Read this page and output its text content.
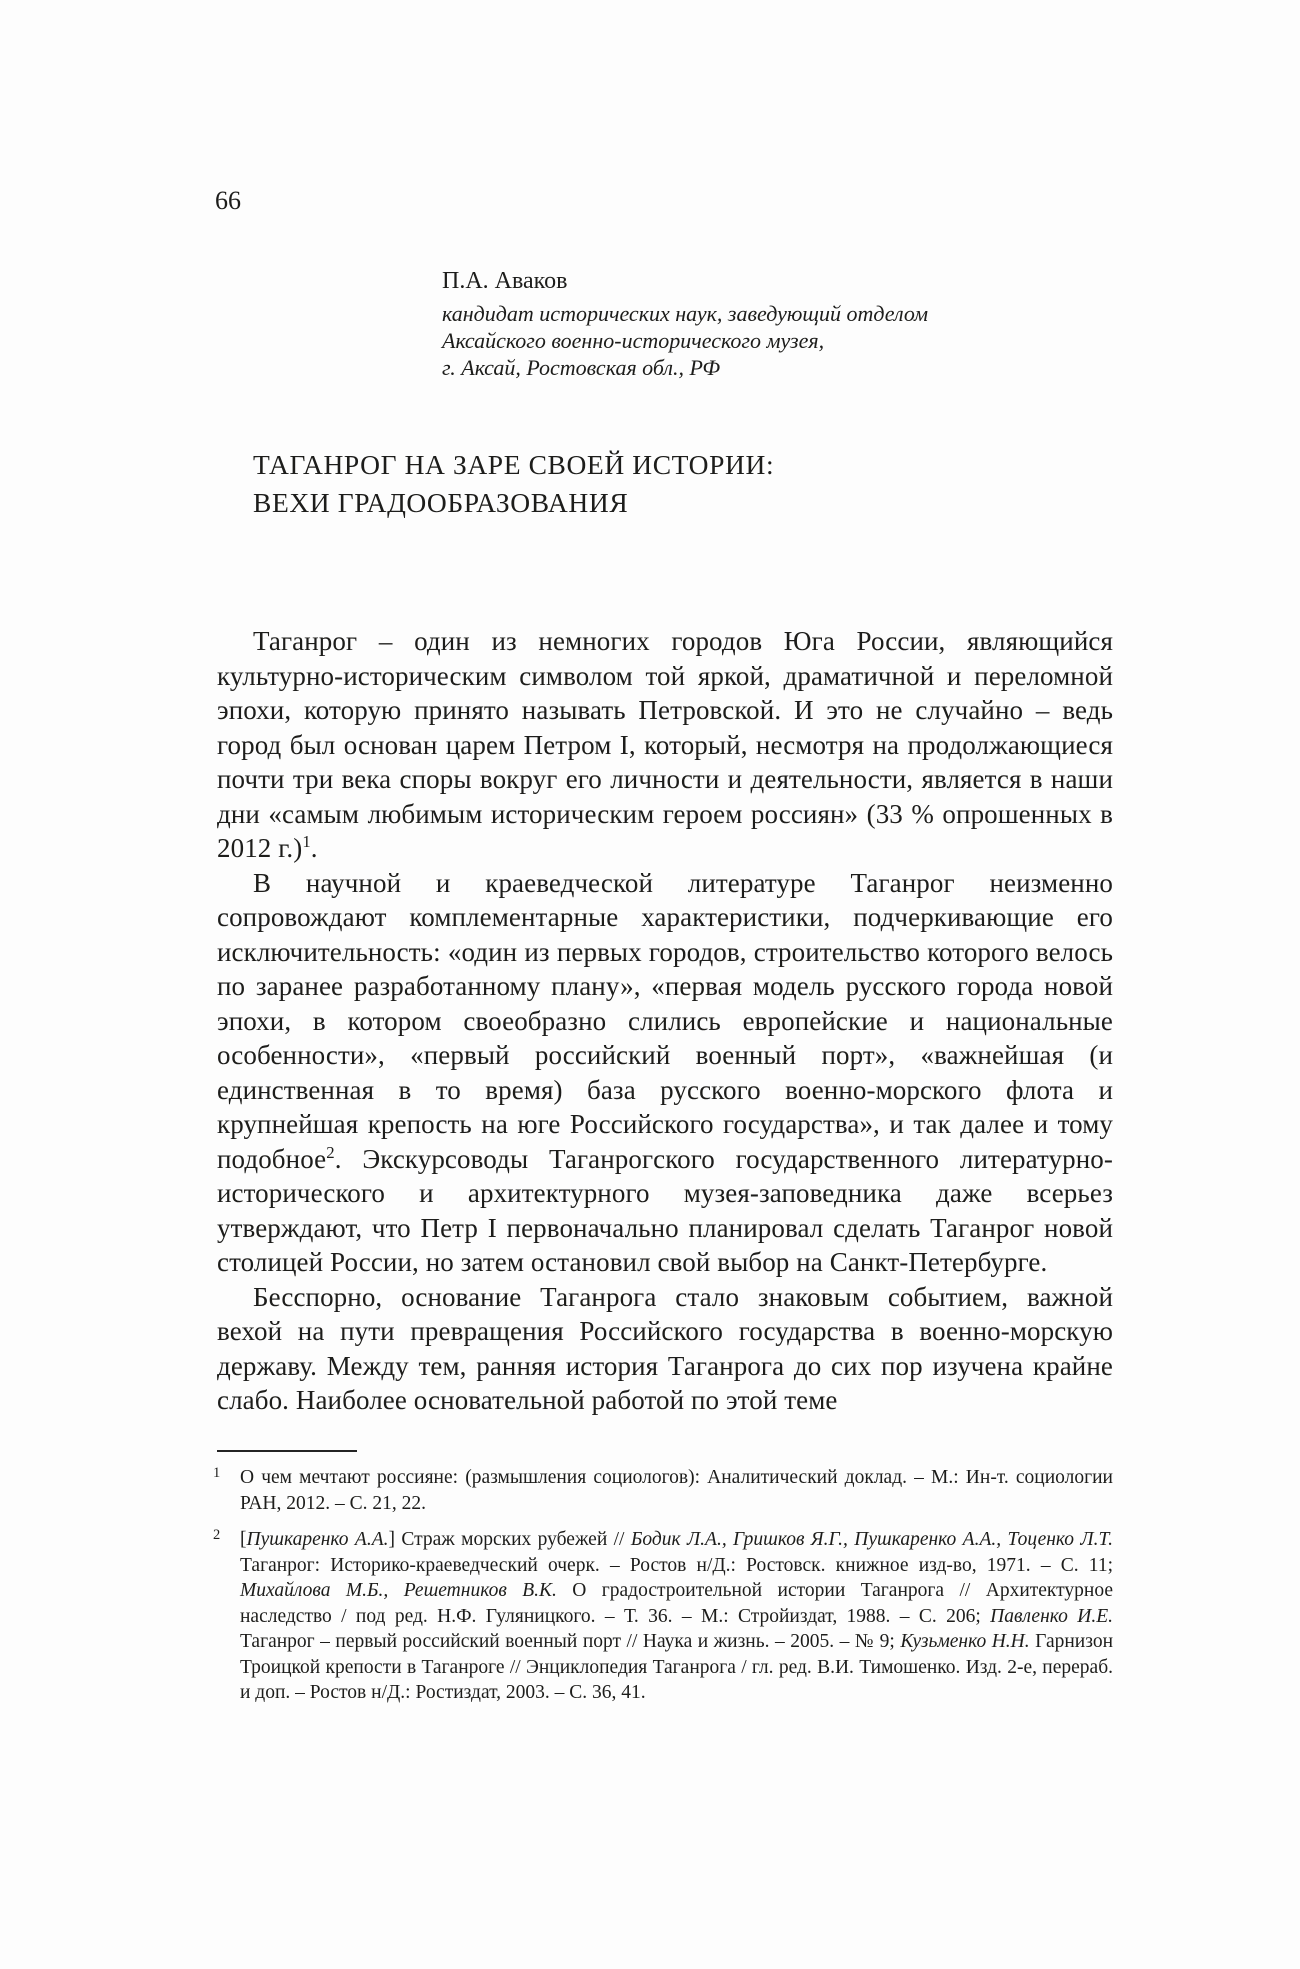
66
П.А. Аваков
кандидат исторических наук, заведующий отделом
Аксайского военно-исторического музея,
г. Аксай, Ростовская обл., РФ
ТАГАНРОГ НА ЗАРЕ СВОЕЙ ИСТОРИИ:
ВЕХИ ГРАДООБРАЗОВАНИЯ

Таганрог – один из немногих городов Юга России, являющийся культурно-историческим символом той яркой, драматичной и переломной эпохи, которую принято называть Петровской. И это не случайно – ведь город был основан царем Петром I, который, несмотря на продолжающиеся почти три века споры вокруг его личности и деятельности, является в наши дни «самым любимым историческим героем россиян» (33 % опрошенных в 2012 г.)$^1$.

В научной и краеведческой литературе Таганрог неизменно сопровождают комплементарные характеристики, подчеркивающие его исключительность: «один из первых городов, строительство которого велось по заранее разработанному плану», «первая модель русского города новой эпохи, в котором своеобразно слились европейские и национальные особенности», «первый российский военный порт», «важнейшая (и единственная в то время) база русского военно-морского флота и крупнейшая крепость на юге Российского государства», и так далее и тому подобное$^2$. Экскурсоводы Таганрогского государственного литературно-исторического и архитектурного музея-заповедника даже всерьез утверждают, что Петр I первоначально планировал сделать Таганрог новой столицей России, но затем остановил свой выбор на Санкт-Петербурге.

Бесспорно, основание Таганрога стало знаковым событием, важной вехой на пути превращения Российского государства в военно-морскую державу. Между тем, ранняя история Таганрога до сих пор изучена крайне слабо. Наиболее основательной работой по этой теме

1 О чем мечтают россияне: (размышления социологов): Аналитический доклад. – М.: Ин-т. социологии РАН, 2012. – С. 21, 22.
2 [Пушкаренко А.А.] Страж морских рубежей // Бодик Л.А., Гришков Я.Г., Пушкаренко А.А., Тоценко Л.Т. Таганрог: Историко-краеведческий очерк. – Ростов н/Д.: Ростовск. книжное изд-во, 1971. – С. 11; Михайлова М.Б., Решетников В.К. О градостроительной истории Таганрога // Архитектурное наследство / под ред. Н.Ф. Гуляницкого. – Т. 36. – М.: Стройиздат, 1988. – С. 206; Павленко И.Е. Таганрог – первый российский военный порт // Наука и жизнь. – 2005. – № 9; Кузьменко Н.Н. Гарнизон Троицкой крепости в Таганроге // Энциклопедия Таганрога / гл. ред. В.И. Тимошенко. Изд. 2-е, перераб. и доп. – Ростов н/Д.: Ростиздат, 2003. – С. 36, 41.
